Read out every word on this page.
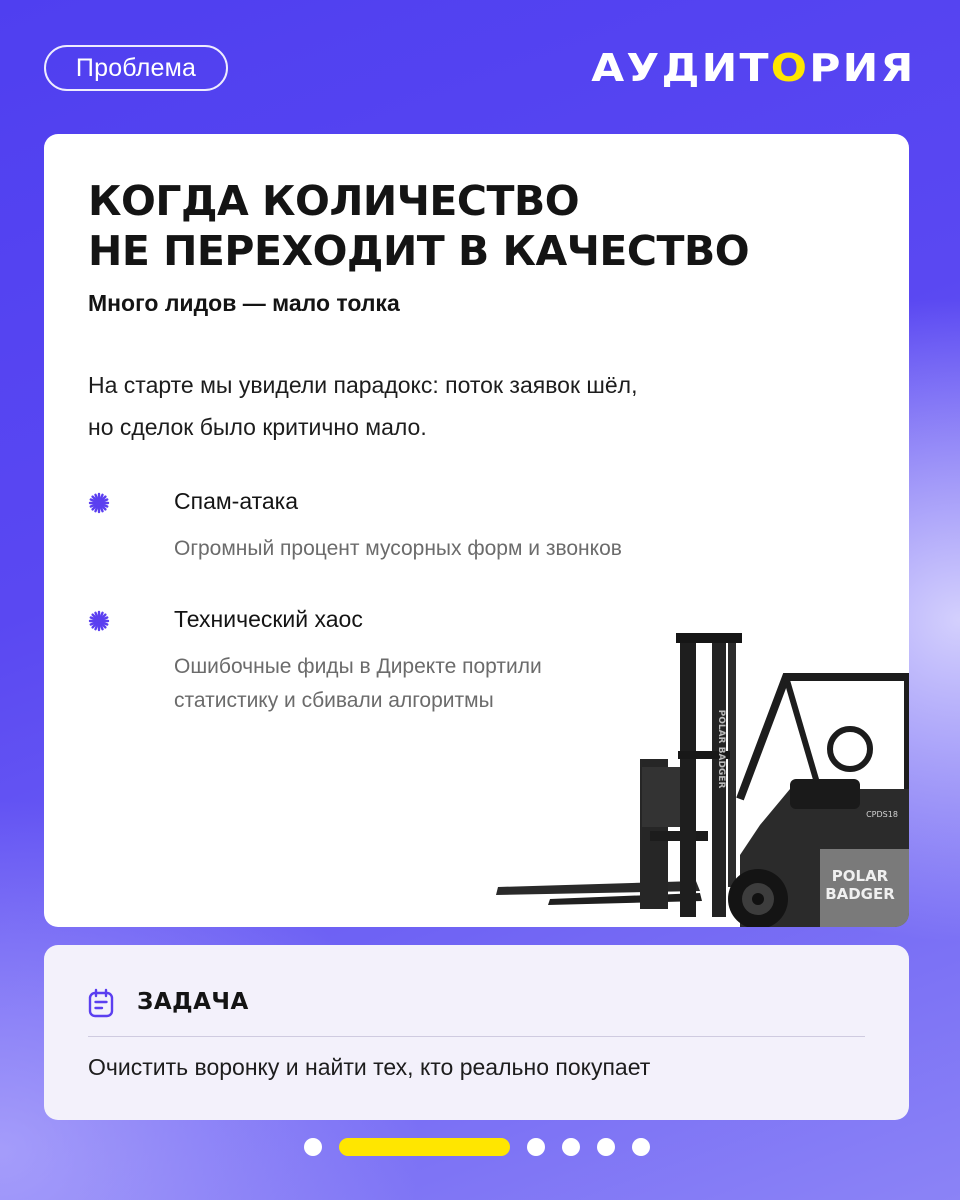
Проблема	АУДИТ О РИЯ
КОГДА КОЛИЧЕСТВО
НЕ ПЕРЕХОДИТ В КАЧЕСТВО
Много лидов — мало толка

На старте мы увидели парадокс: поток заявок шёл,
но сделок было критично мало.

Спам-атака
Огромный процент мусорных форм и звонков
Технический хаос
Ошибочные фиды в Директе портили
статистику и сбивали алгоритмы
POLAR BADGER
CPDS18
POLAR
BADGER
ЗАДАЧА
Очистить воронку и найти тех, кто реально покупает
